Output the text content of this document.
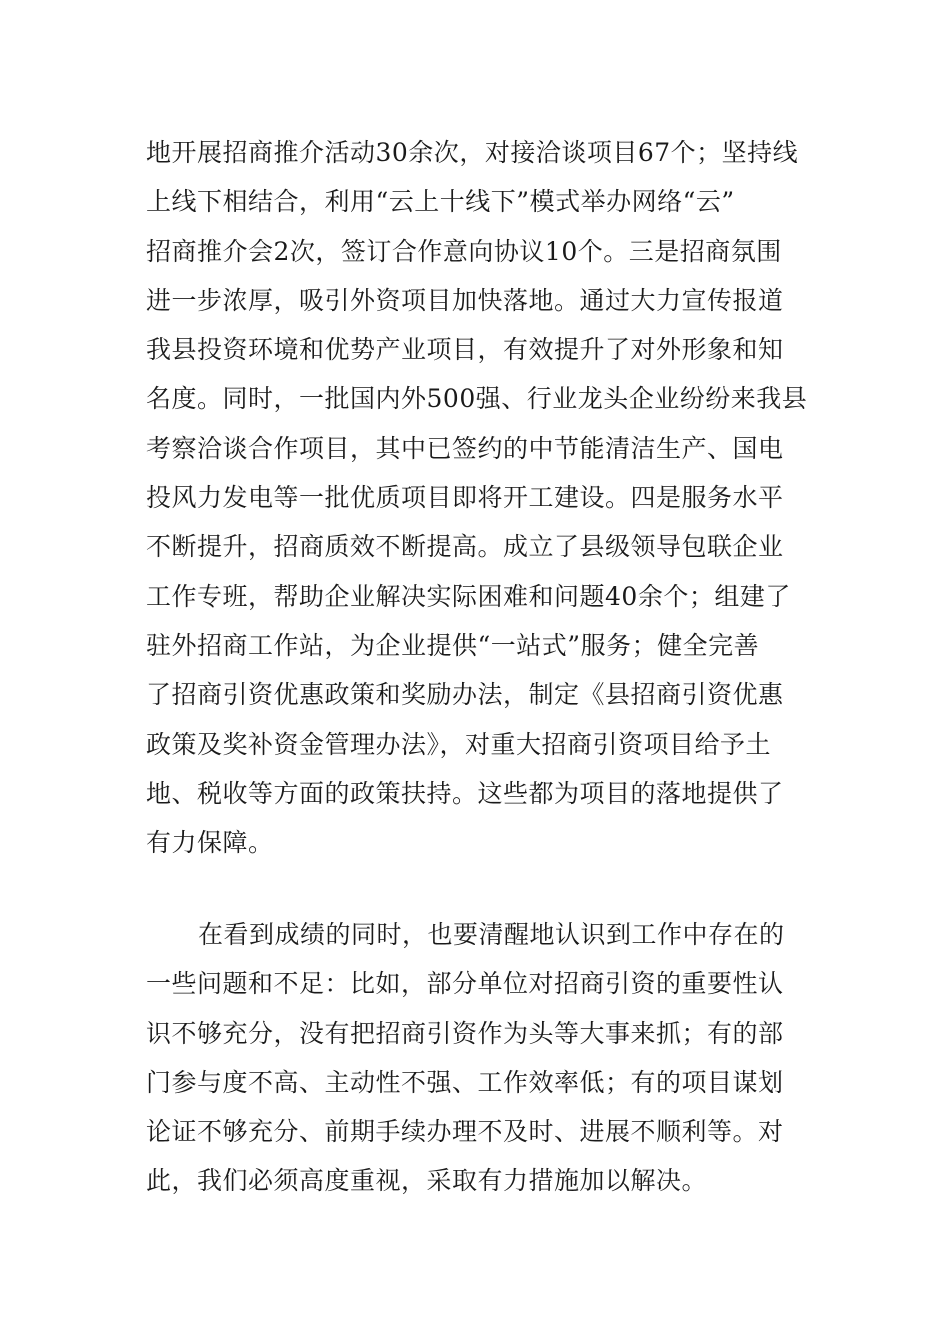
地开展招商推介活动30余次，对接洽谈项目67个；坚持线
上线下相结合，利用“云上十线下”模式举办网络“云”
招商推介会2次，签订合作意向协议10个。三是招商氛围
进一步浓厚，吸引外资项目加快落地。通过大力宣传报道
我县投资环境和优势产业项目，有效提升了对外形象和知
名度。同时，一批国内外500强、行业龙头企业纷纷来我县
考察洽谈合作项目，其中已签约的中节能清洁生产、国电
投风力发电等一批优质项目即将开工建设。四是服务水平
不断提升，招商质效不断提高。成立了县级领导包联企业
工作专班，帮助企业解决实际困难和问题40余个；组建了
驻外招商工作站，为企业提供“一站式”服务；健全完善
了招商引资优惠政策和奖励办法，制定《县招商引资优惠
政策及奖补资金管理办法》，对重大招商引资项目给予土
地、税收等方面的政策扶持。这些都为项目的落地提供了
有力保障。
在看到成绩的同时，也要清醒地认识到工作中存在的
一些问题和不足：比如，部分单位对招商引资的重要性认
识不够充分，没有把招商引资作为头等大事来抓；有的部
门参与度不高、主动性不强、工作效率低；有的项目谋划
论证不够充分、前期手续办理不及时、进展不顺利等。对
此，我们必须高度重视，采取有力措施加以解决。
